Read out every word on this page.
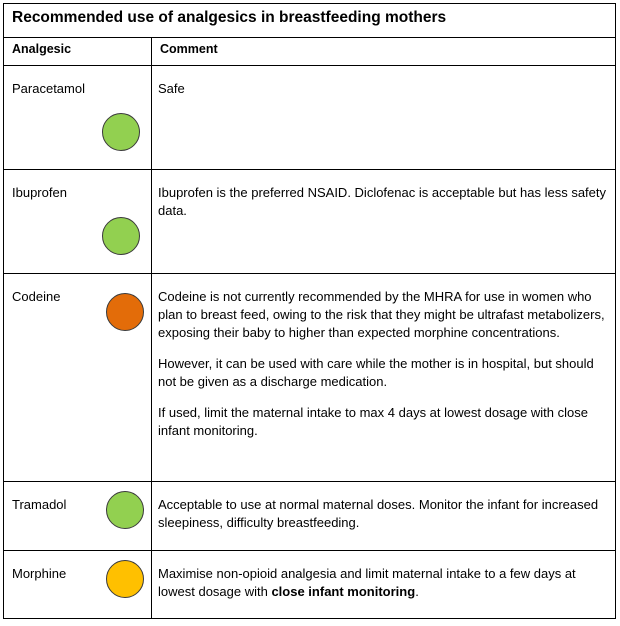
Recommended use of analgesics in breastfeeding mothers	
Analgesic	Comment
Paracetamol	Safe

Ibuprofen	Ibuprofen is the preferred NSAID. Diclofenac is acceptable but has less safety data.

Codeine	Codeine is not currently recommended by the MHRA for use in women who plan to breast feed, owing to the risk that they might be ultrafast metabolizers, exposing their baby to higher than expected morphine concentrations.

However, it can be used with care while the mother is in hospital, but should not be given as a discharge medication.

If used, limit the maternal intake to max 4 days at lowest dosage with close infant monitoring.

Tramadol	Acceptable to use at normal maternal doses. Monitor the infant for increased sleepiness, difficulty breastfeeding.

Morphine	Maximise non-opioid analgesia and limit maternal intake to a few days at lowest dosage with close infant monitoring.
